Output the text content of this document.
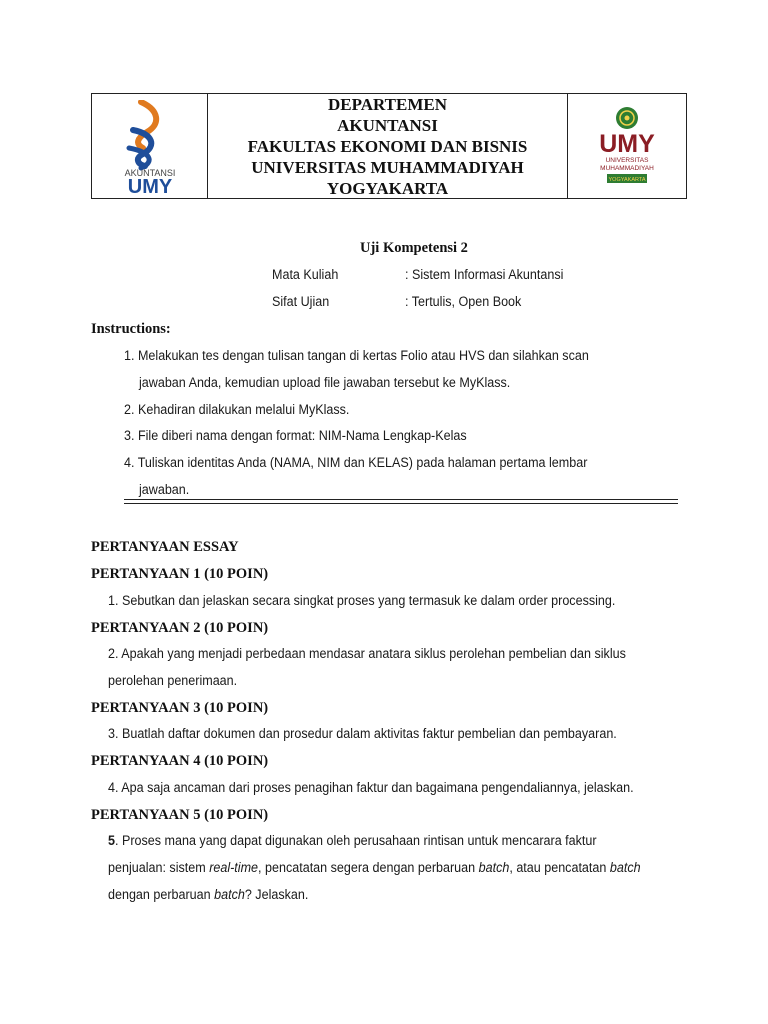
AKUNTANSI
UMY
DEPARTEMEN
AKUNTANSI
FAKULTAS EKONOMI DAN BISNIS
UNIVERSITAS MUHAMMADIYAH
YOGYAKARTA
UMY
UNIVERSITAS
MUHAMMADIYAH
YOGYAKARTA
Uji Kompetensi 2
Mata Kuliah	: Sistem Informasi Akuntansi
Sifat Ujian	: Tertulis, Open Book
Instructions:
1. Melakukan tes dengan tulisan tangan di kertas Folio atau HVS dan silahkan scan
jawaban Anda, kemudian upload file jawaban tersebut ke MyKlass.
2. Kehadiran dilakukan melalui MyKlass.
3. File diberi nama dengan format: NIM-Nama Lengkap-Kelas
4. Tuliskan identitas Anda (NAMA, NIM dan KELAS) pada halaman pertama lembar
jawaban.
PERTANYAAN ESSAY
PERTANYAAN 1 (10 POIN)
1. Sebutkan dan jelaskan secara singkat proses yang termasuk ke dalam order processing.
PERTANYAAN 2 (10 POIN)
2. Apakah yang menjadi perbedaan mendasar anatara siklus perolehan pembelian dan siklus
perolehan penerimaan.
PERTANYAAN 3 (10 POIN)
3. Buatlah daftar dokumen dan prosedur dalam aktivitas faktur pembelian dan pembayaran.
PERTANYAAN 4 (10 POIN)
4. Apa saja ancaman dari proses penagihan faktur dan bagaimana pengendaliannya, jelaskan.
PERTANYAAN 5 (10 POIN)
5. Proses mana yang dapat digunakan oleh perusahaan rintisan untuk mencarara faktur
penjualan: sistem real-time, pencatatan segera dengan perbaruan batch, atau pencatatan batch
dengan perbaruan batch? Jelaskan.
